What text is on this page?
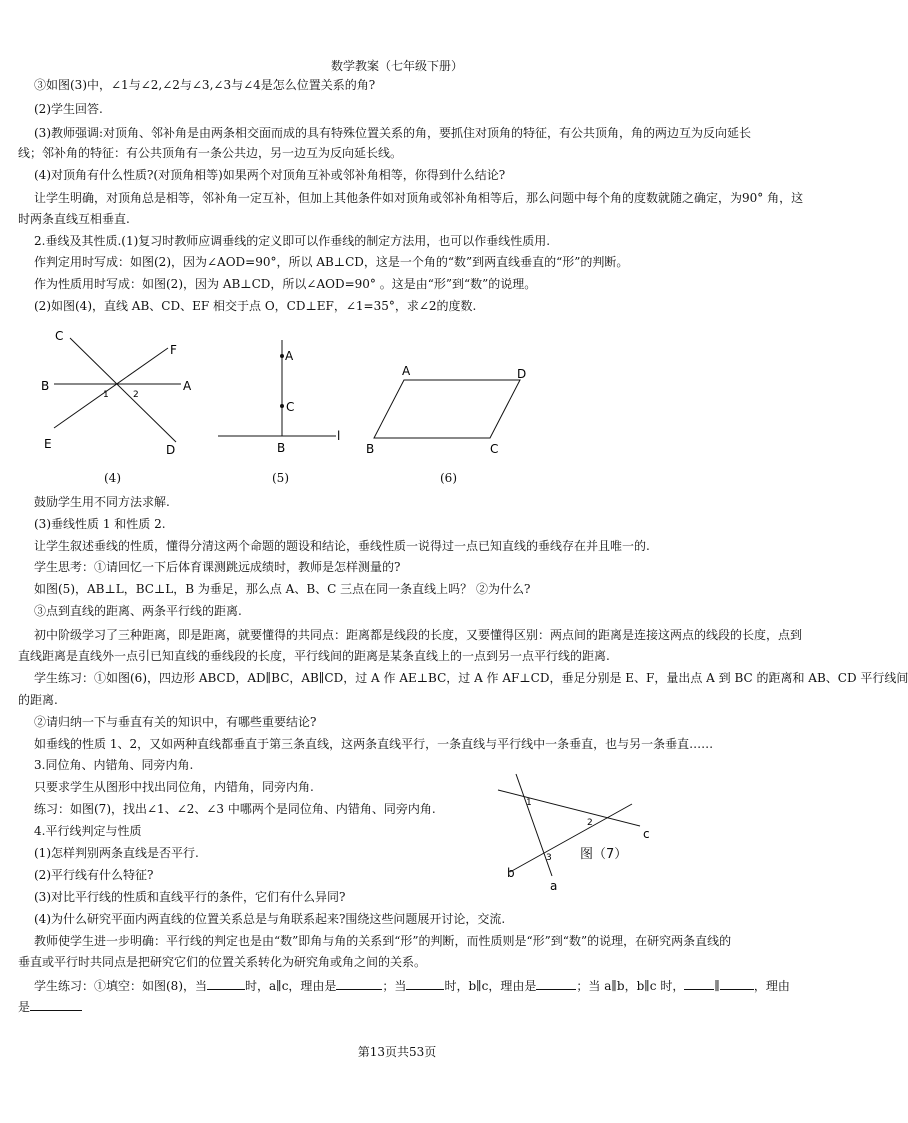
数学教案（七年级下册）
③如图(3)中，∠1与∠2,∠2与∠3,∠3与∠4是怎么位置关系的角?
(2)学生回答.
(3)教师强调:对顶角、邻补角是由两条相交面而成的具有特殊位置关系的角，要抓住对顶角的特征，有公共顶角，角的两边互为反向延长
线；邻补角的特征：有公共顶角有一条公共边，另一边互为反向延长线。
(4)对顶角有什么性质?(对顶角相等)如果两个对顶角互补或邻补角相等，你得到什么结论?
让学生明确，对顶角总是相等，邻补角一定互补，但加上其他条件如对顶角或邻补角相等后，那么问题中每个角的度数就随之确定，为90° 角，这
时两条直线互相垂直.
2.垂线及其性质.(1)复习时教师应调垂线的定义即可以作垂线的制定方法用，也可以作垂线性质用.
作判定用时写成：如图(2)，因为∠AOD=90°，所以 AB⊥CD，这是一个角的“数”到两直线垂直的“形”的判断。
作为性质用时写成：如图(2)，因为 AB⊥CD，所以∠AOD=90° 。这是由“形”到“数”的说理。
(2)如图(4)，直线 AB、CD、EF 相交于点 O，CD⊥EF，∠1=35°，求∠2的度数.
C
F
B	A
1	2
E	D
(4)
A
C
B
l
(5)
A	D
B	C
(6)
鼓励学生用不同方法求解.
(3)垂线性质 1 和性质 2.
让学生叙述垂线的性质，懂得分清这两个命题的题设和结论，垂线性质一说得过一点已知直线的垂线存在并且唯一的.
学生思考：①请回忆一下后体育课测跳远成绩时，教师是怎样测量的?
如图(5)，AB⊥L，BC⊥L，B 为垂足，那么点 A、B、C 三点在同一条直线上吗？ ②为什么?
③点到直线的距离、两条平行线的距离.
初中阶级学习了三种距离，即是距离，就要懂得的共同点：距离都是线段的长度，又要懂得区别：两点间的距离是连接这两点的线段的长度，点到
直线距离是直线外一点引已知直线的垂线段的长度，平行线间的距离是某条直线上的一点到另一点平行线的距离.
学生练习：①如图(6)，四边形 ABCD，AD∥BC，AB∥CD，过 A 作 AE⊥BC，过 A 作 AF⊥CD，垂足分别是 E、F，量出点 A 到 BC 的距离和 AB、CD 平行线间
的距离.
②请归纳一下与垂直有关的知识中，有哪些重要结论?
如垂线的性质 1、2，又如两种直线都垂直于第三条直线，这两条直线平行，一条直线与平行线中一条垂直，也与另一条垂直……
3.同位角、内错角、同旁内角.
只要求学生从图形中找出同位角，内错角，同旁内角.
练习：如图(7)，找出∠1、∠2、∠3 中哪两个是同位角、内错角、同旁内角.
4.平行线判定与性质
(1)怎样判别两条直线是否平行.
(2)平行线有什么特征?
(3)对比平行线的性质和直线平行的条件，它们有什么异同?
(4)为什么研究平面内两直线的位置关系总是与角联系起来?围绕这些问题展开讨论，交流.
教师使学生进一步明确：平行线的判定也是由“数”即角与角的关系到“形”的判断，而性质则是“形”到“数”的说理，在研究两条直线的
垂直或平行时共同点是把研究它们的位置关系转化为研究角或角之间的关系。
1
2
c
3
b
a
图（7）
学生练习：①填空：如图(8)，当	时，a∥c，理由是	；当	时，b∥c，理由是	；当 a∥b，b∥c 时，	∥	，理由
是
第13页共53页
